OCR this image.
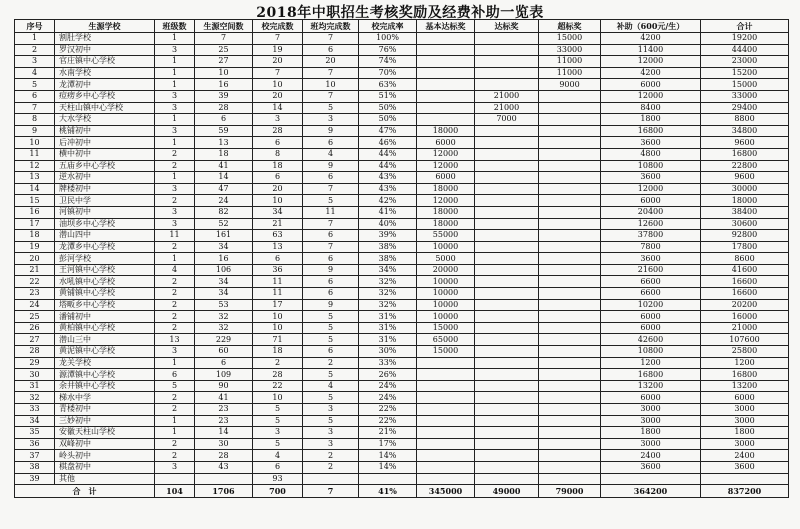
2018年中职招生考核奖励及经费补助一览表
序号	生源学校	班级数	生源空间数	校完成数	班均完成数	校完成率	基本达标奖	达标奖	超标奖	补助（600元/生）	合计
1	割肚学校	1	7	7	7	100%			15000	4200	19200
2	罗汉初中	3	25	19	6	76%			33000	11400	44400
3	官庄镇中心学校	1	27	20	20	74%			11000	12000	23000
4	水南学校	1	10	7	7	70%			11000	4200	15200
5	龙潭初中	1	16	10	10	63%			9000	6000	15000
6	痘痨乡中心学校	3	39	20	7	51%		21000		12000	33000
7	天柱山镇中心学校	3	28	14	5	50%		21000		8400	29400
8	大水学校	1	6	3	3	50%		7000		1800	8800
9	桃铺初中	3	59	28	9	47%	18000			16800	34800
10	后冲初中	1	13	6	6	46%	6000			3600	9600
11	横中初中	2	18	8	4	44%	12000			4800	16800
12	五庙乡中心学校	2	41	18	9	44%	12000			10800	22800
13	逆水初中	1	14	6	6	43%	6000			3600	9600
14	牌楼初中	3	47	20	7	43%	18000			12000	30000
15	卫民中学	2	24	10	5	42%	12000			6000	18000
16	河镇初中	3	82	34	11	41%	18000			20400	38400
17	油坝乡中心学校	3	52	21	7	40%	18000			12600	30600
18	潜山四中	11	161	63	6	39%	55000			37800	92800
19	龙潭乡中心学校	2	34	13	7	38%	10000			7800	17800
20	彭河学校	1	16	6	6	38%	5000			3600	8600
21	王河镇中心学校	4	106	36	9	34%	20000			21600	41600
22	水吼镇中心学校	2	34	11	6	32%	10000			6600	16600
23	黄铺镇中心学校	2	34	11	6	32%	10000			6600	16600
24	塔畈乡中心学校	2	53	17	9	32%	10000			10200	20200
25	潘铺初中	2	32	10	5	31%	10000			6000	16000
26	黄柏镇中心学校	2	32	10	5	31%	15000			6000	21000
27	潜山三中	13	229	71	5	31%	65000			42600	107600
28	黄泥镇中心学校	3	60	18	6	30%	15000			10800	25800
29	龙关学校	1	6	2	2	33%				1200	1200
30	源潭镇中心学校	6	109	28	5	26%				16800	16800
31	余井镇中心学校	5	90	22	4	24%				13200	13200
32	梯水中学	2	41	10	5	24%				6000	6000
33	青楼初中	2	23	5	3	22%				3000	3000
34	三妙初中	1	23	5	5	22%				3000	3000
35	安徽天柱山学校	1	14	3	3	21%				1800	1800
36	双峰初中	2	30	5	3	17%				3000	3000
37	岭头初中	2	28	4	2	14%				2400	2400
38	棋盘初中	3	43	6	2	14%				3600	3600
39	其他			93							
合　计		104	1706	700	7	41%	345000	49000	79000	364200	837200
